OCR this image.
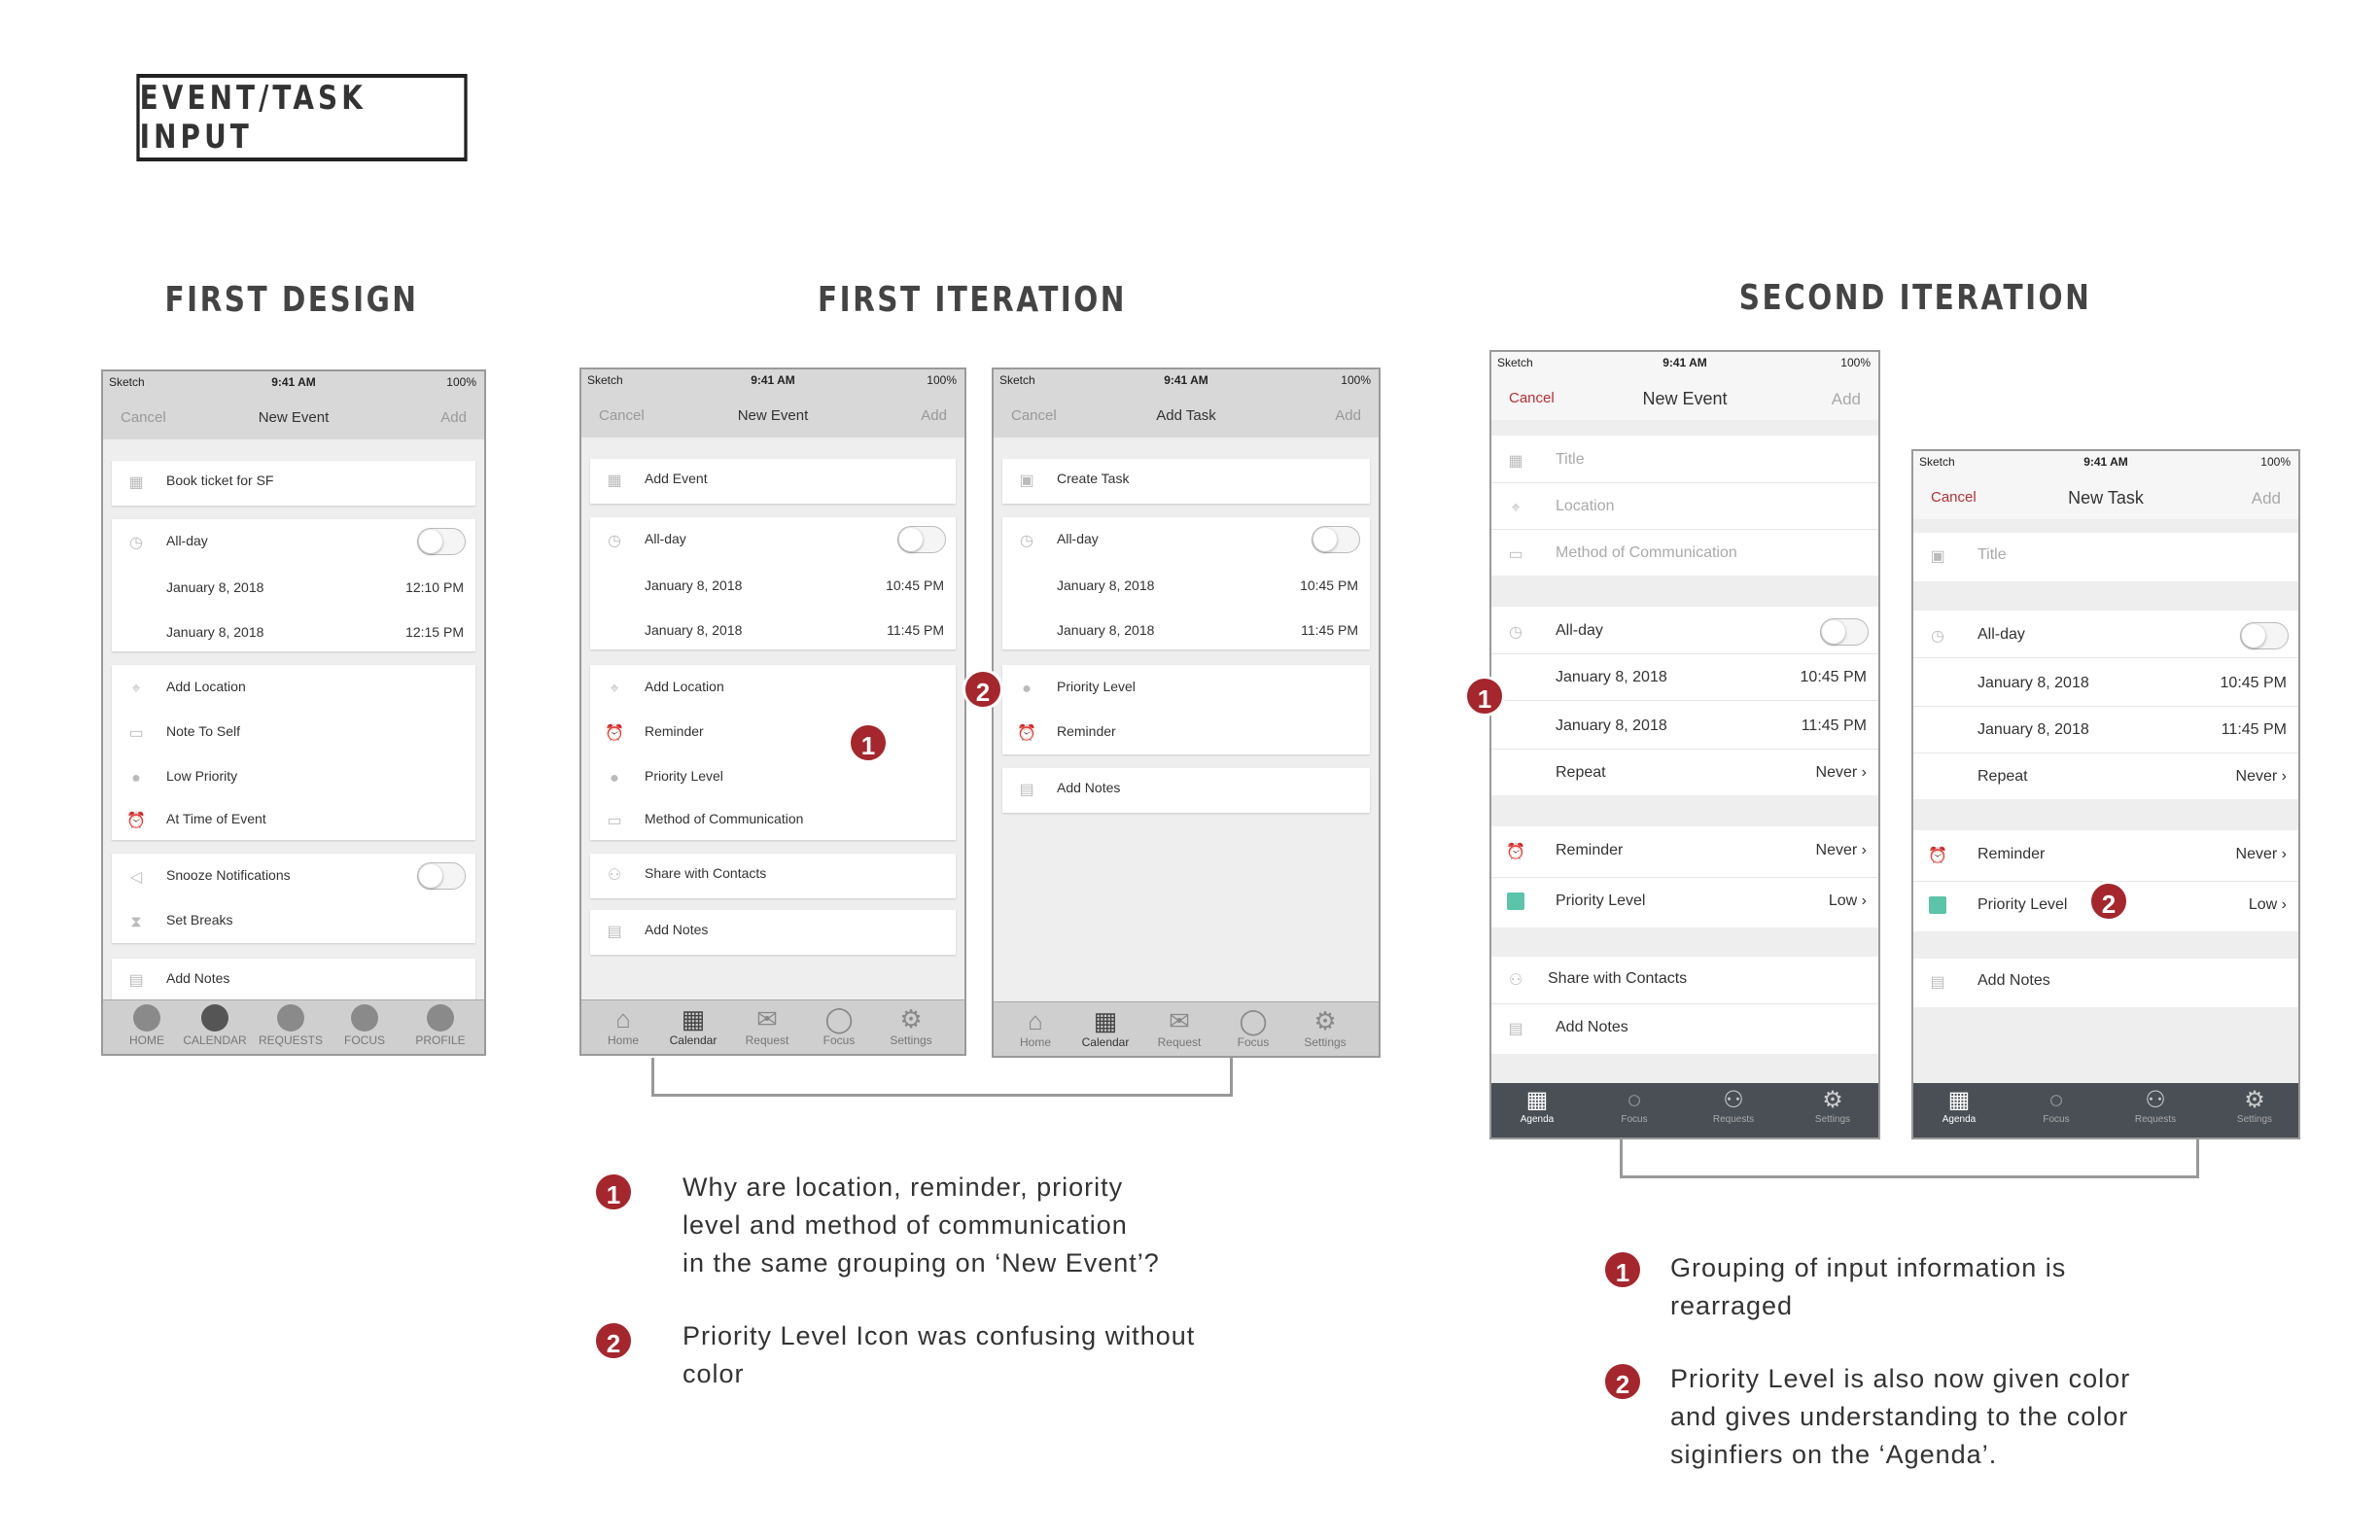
EVENT/TASK INPUT
FIRST DESIGN	FIRST ITERATION	SECOND ITERATION
Sketch	9:41 AM	100%
Cancel	New Event	Add
▦ Book ticket for SF
◷ All-day
January 8, 2018	12:10 PM
January 8, 2018	12:15 PM
⌖	Add Location
▭ Note To Self
●	Low Priority
⏰ At Time of Event
◁	Snooze Notifications
⧗	Set Breaks
▤ Add Notes
HOME	CALENDAR REQUESTS	FOCUS	PROFILE
Sketch	9:41 AM	100%
Cancel	New Event	Add
▦ Add Event
◷ All-day
January 8, 2018	10:45 PM
January 8, 2018	11:45 PM
⌖	Add Location
⏰ Reminder
●	Priority Level
▭ Method of Communication
⚇ Share with Contacts
▤ Add Notes
⌂
Home
▦
Calendar
✉
Request
◯
Focus
⚙
Settings
Sketch	9:41 AM	100%
Cancel	Add Task	Add
▣ Create Task
◷ All-day
January 8, 2018	10:45 PM
January 8, 2018	11:45 PM
●	Priority Level
⏰ Reminder
▤ Add Notes
⌂
Home
▦
Calendar
✉
Request
◯
Focus
⚙
Settings
Sketch	9:41 AM	100%
Cancel	New Event	Add
▦ Title
⌖	Location
▭ Method of Communication
◷ All-day
January 8, 2018	10:45 PM
January 8, 2018	11:45 PM
Repeat	Never ›
⏰ Reminder	Never ›
Priority Level	Low ›
⚇ Share with Contacts
▤ Add Notes
▦
Agenda
◌
Focus
⚇
Requests
⚙
Settings
Sketch	9:41 AM	100%
Cancel	New Task	Add
▣ Title
◷ All-day
January 8, 2018	10:45 PM
January 8, 2018	11:45 PM
Repeat	Never ›
⏰ Reminder	Never ›
Priority Level	Low ›
▤ Add Notes
▦
Agenda
◌
Focus
⚇
Requests
⚙
Settings
1
2	1
2
1	Why are location, reminder, priority
level and method of communication
in the same grouping on ‘New Event’?
2	Priority Level Icon was confusing without
color
1	Grouping of input information is
rearraged
2	Priority Level is also now given color
and gives understanding to the color
siginfiers on the ‘Agenda’.
